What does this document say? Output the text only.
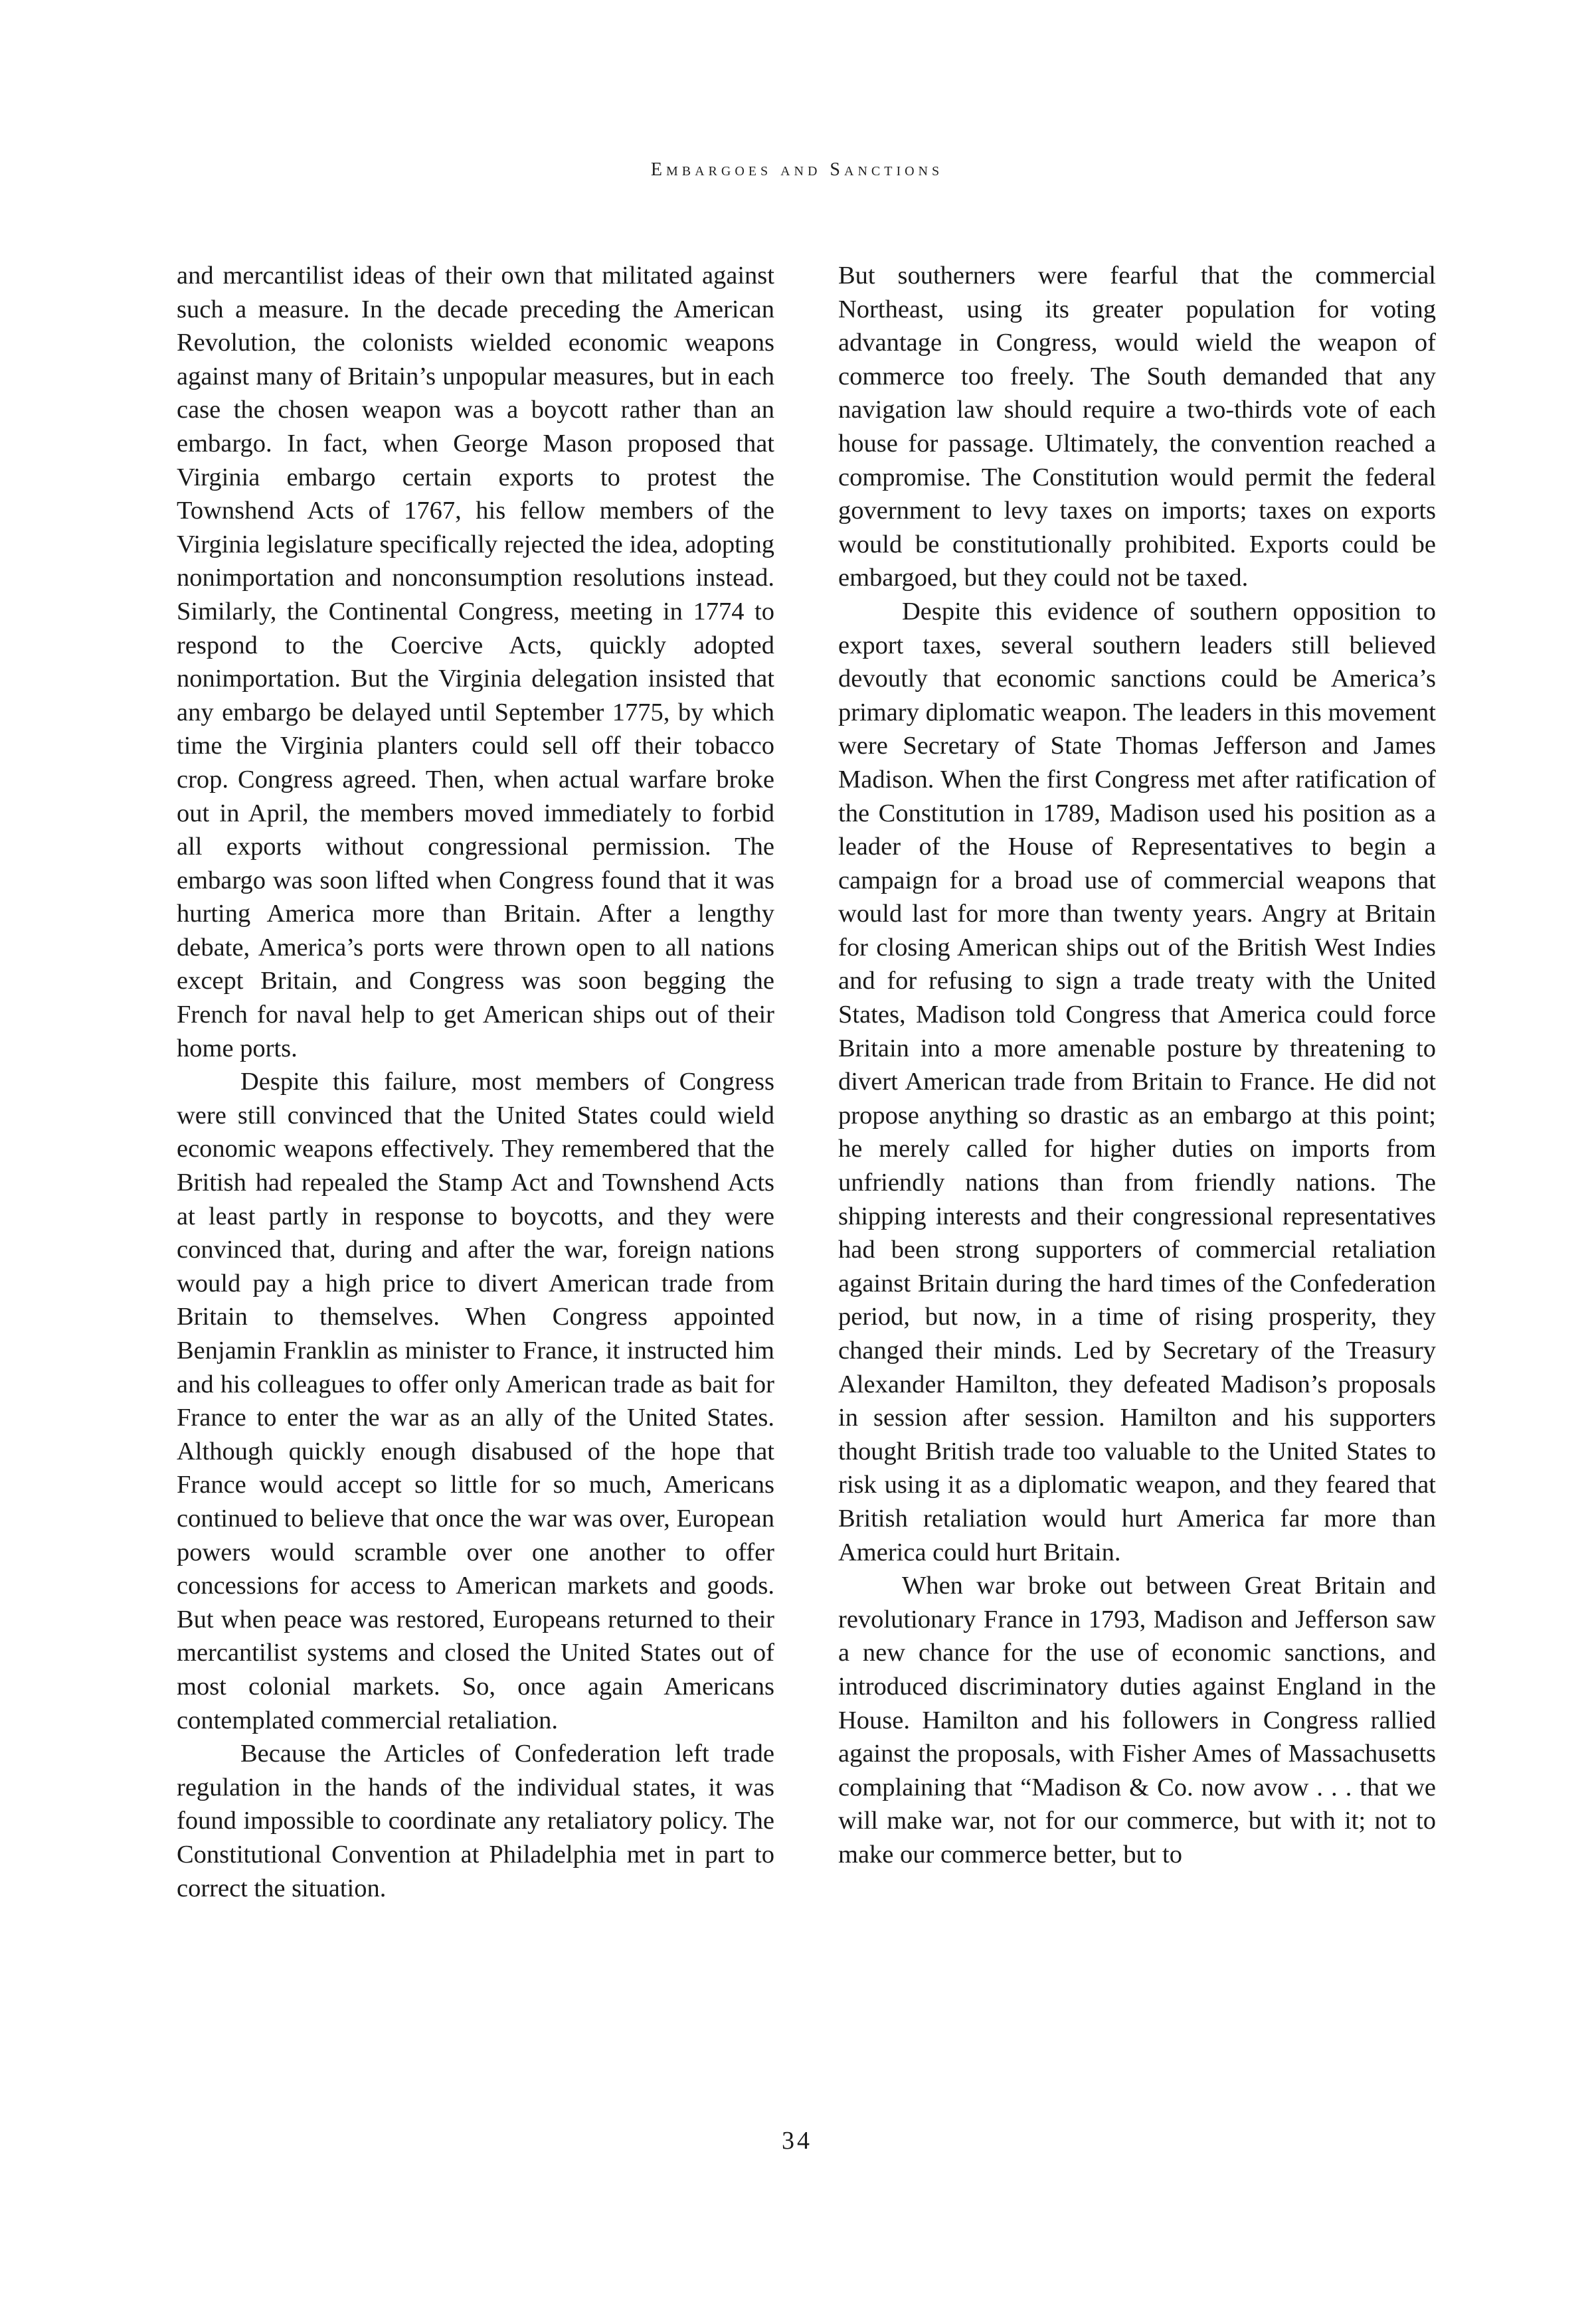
Embargoes and Sanctions

and mercantilist ideas of their own that militated against such a measure. In the decade preceding the American Revolution, the colonists wielded economic weapons against many of Britain’s unpopular measures, but in each case the chosen weapon was a boycott rather than an embargo. In fact, when George Mason proposed that Virginia embargo certain exports to protest the Townshend Acts of 1767, his fellow members of the Virginia legislature specifically rejected the idea, adopting nonimportation and nonconsumption resolutions instead. Similarly, the Continental Congress, meeting in 1774 to respond to the Coercive Acts, quickly adopted nonimportation. But the Virginia delegation insisted that any embargo be delayed until September 1775, by which time the Virginia planters could sell off their tobacco crop. Congress agreed. Then, when actual warfare broke out in April, the members moved immediately to forbid all exports without congressional permission. The embargo was soon lifted when Congress found that it was hurting America more than Britain. After a lengthy debate, America’s ports were thrown open to all nations except Britain, and Congress was soon begging the French for naval help to get American ships out of their home ports.

Despite this failure, most members of Congress were still convinced that the United States could wield economic weapons effectively. They remembered that the British had repealed the Stamp Act and Townshend Acts at least partly in response to boycotts, and they were convinced that, during and after the war, foreign nations would pay a high price to divert American trade from Britain to themselves. When Congress appointed Benjamin Franklin as minister to France, it instructed him and his colleagues to offer only American trade as bait for France to enter the war as an ally of the United States. Although quickly enough disabused of the hope that France would accept so little for so much, Americans continued to believe that once the war was over, European powers would scramble over one another to offer concessions for access to American markets and goods. But when peace was restored, Europeans returned to their mercantilist systems and closed the United States out of most colonial markets. So, once again Americans contemplated commercial retaliation.

Because the Articles of Confederation left trade regulation in the hands of the individual states, it was found impossible to coordinate any retaliatory policy. The Constitutional Convention at Philadelphia met in part to correct the situation.

But southerners were fearful that the commercial Northeast, using its greater population for voting advantage in Congress, would wield the weapon of commerce too freely. The South demanded that any navigation law should require a two-thirds vote of each house for passage. Ultimately, the convention reached a compromise. The Constitution would permit the federal government to levy taxes on imports; taxes on exports would be constitutionally prohibited. Exports could be embargoed, but they could not be taxed.

Despite this evidence of southern opposition to export taxes, several southern leaders still believed devoutly that economic sanctions could be America’s primary diplomatic weapon. The leaders in this movement were Secretary of State Thomas Jefferson and James Madison. When the first Congress met after ratification of the Constitution in 1789, Madison used his position as a leader of the House of Representatives to begin a campaign for a broad use of commercial weapons that would last for more than twenty years. Angry at Britain for closing American ships out of the British West Indies and for refusing to sign a trade treaty with the United States, Madison told Congress that America could force Britain into a more amenable posture by threatening to divert American trade from Britain to France. He did not propose anything so drastic as an embargo at this point; he merely called for higher duties on imports from unfriendly nations than from friendly nations. The shipping interests and their congressional representatives had been strong supporters of commercial retaliation against Britain during the hard times of the Confederation period, but now, in a time of rising prosperity, they changed their minds. Led by Secretary of the Treasury Alexander Hamilton, they defeated Madison’s proposals in session after session. Hamilton and his supporters thought British trade too valuable to the United States to risk using it as a diplomatic weapon, and they feared that British retaliation would hurt America far more than America could hurt Britain.

When war broke out between Great Britain and revolutionary France in 1793, Madison and Jefferson saw a new chance for the use of economic sanctions, and introduced discriminatory duties against England in the House. Hamilton and his followers in Congress rallied against the proposals, with Fisher Ames of Massachusetts complaining that “Madison & Co. now avow . . . that we will make war, not for our commerce, but with it; not to make our commerce better, but to

34
